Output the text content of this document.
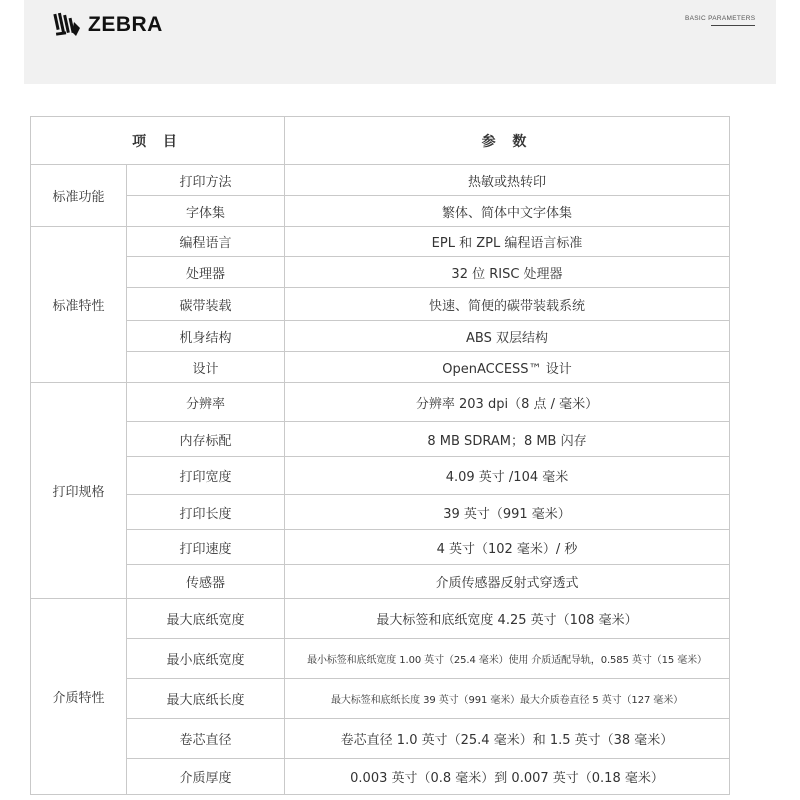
ZEBRA	BASIC PARAMETERS
项 目		参 数
标准功能	打印方法	热敏或热转印
	字体集	繁体、简体中文字体集
标准特性	编程语言	EPL 和 ZPL 编程语言标准
	处理器	32 位 RISC 处理器
	碳带装载	快速、简便的碳带装载系统
	机身结构	ABS 双层结构
	设计	OpenACCESS™ 设计
打印规格	分辨率	分辨率 203 dpi（8 点 / 毫米）
	内存标配	8 MB SDRAM；8 MB 闪存
	打印宽度	4.09 英寸 /104 毫米
	打印长度	39 英寸（991 毫米）
	打印速度	4 英寸（102 毫米）/ 秒
	传感器	介质传感器反射式穿透式
介质特性	最大底纸宽度	最大标签和底纸宽度 4.25 英寸（108 毫米）
	最小底纸宽度	最小标签和底纸宽度 1.00 英寸（25.4 毫米）使用 介质适配导轨，0.585 英寸（15 毫米）
	最大底纸长度	最大标签和底纸长度 39 英寸（991 毫米）最大介质卷直径 5 英寸（127 毫米）
	卷芯直径	卷芯直径 1.0 英寸（25.4 毫米）和 1.5 英寸（38 毫米）
	介质厚度	0.003 英寸（0.8 毫米）到 0.007 英寸（0.18 毫米）
